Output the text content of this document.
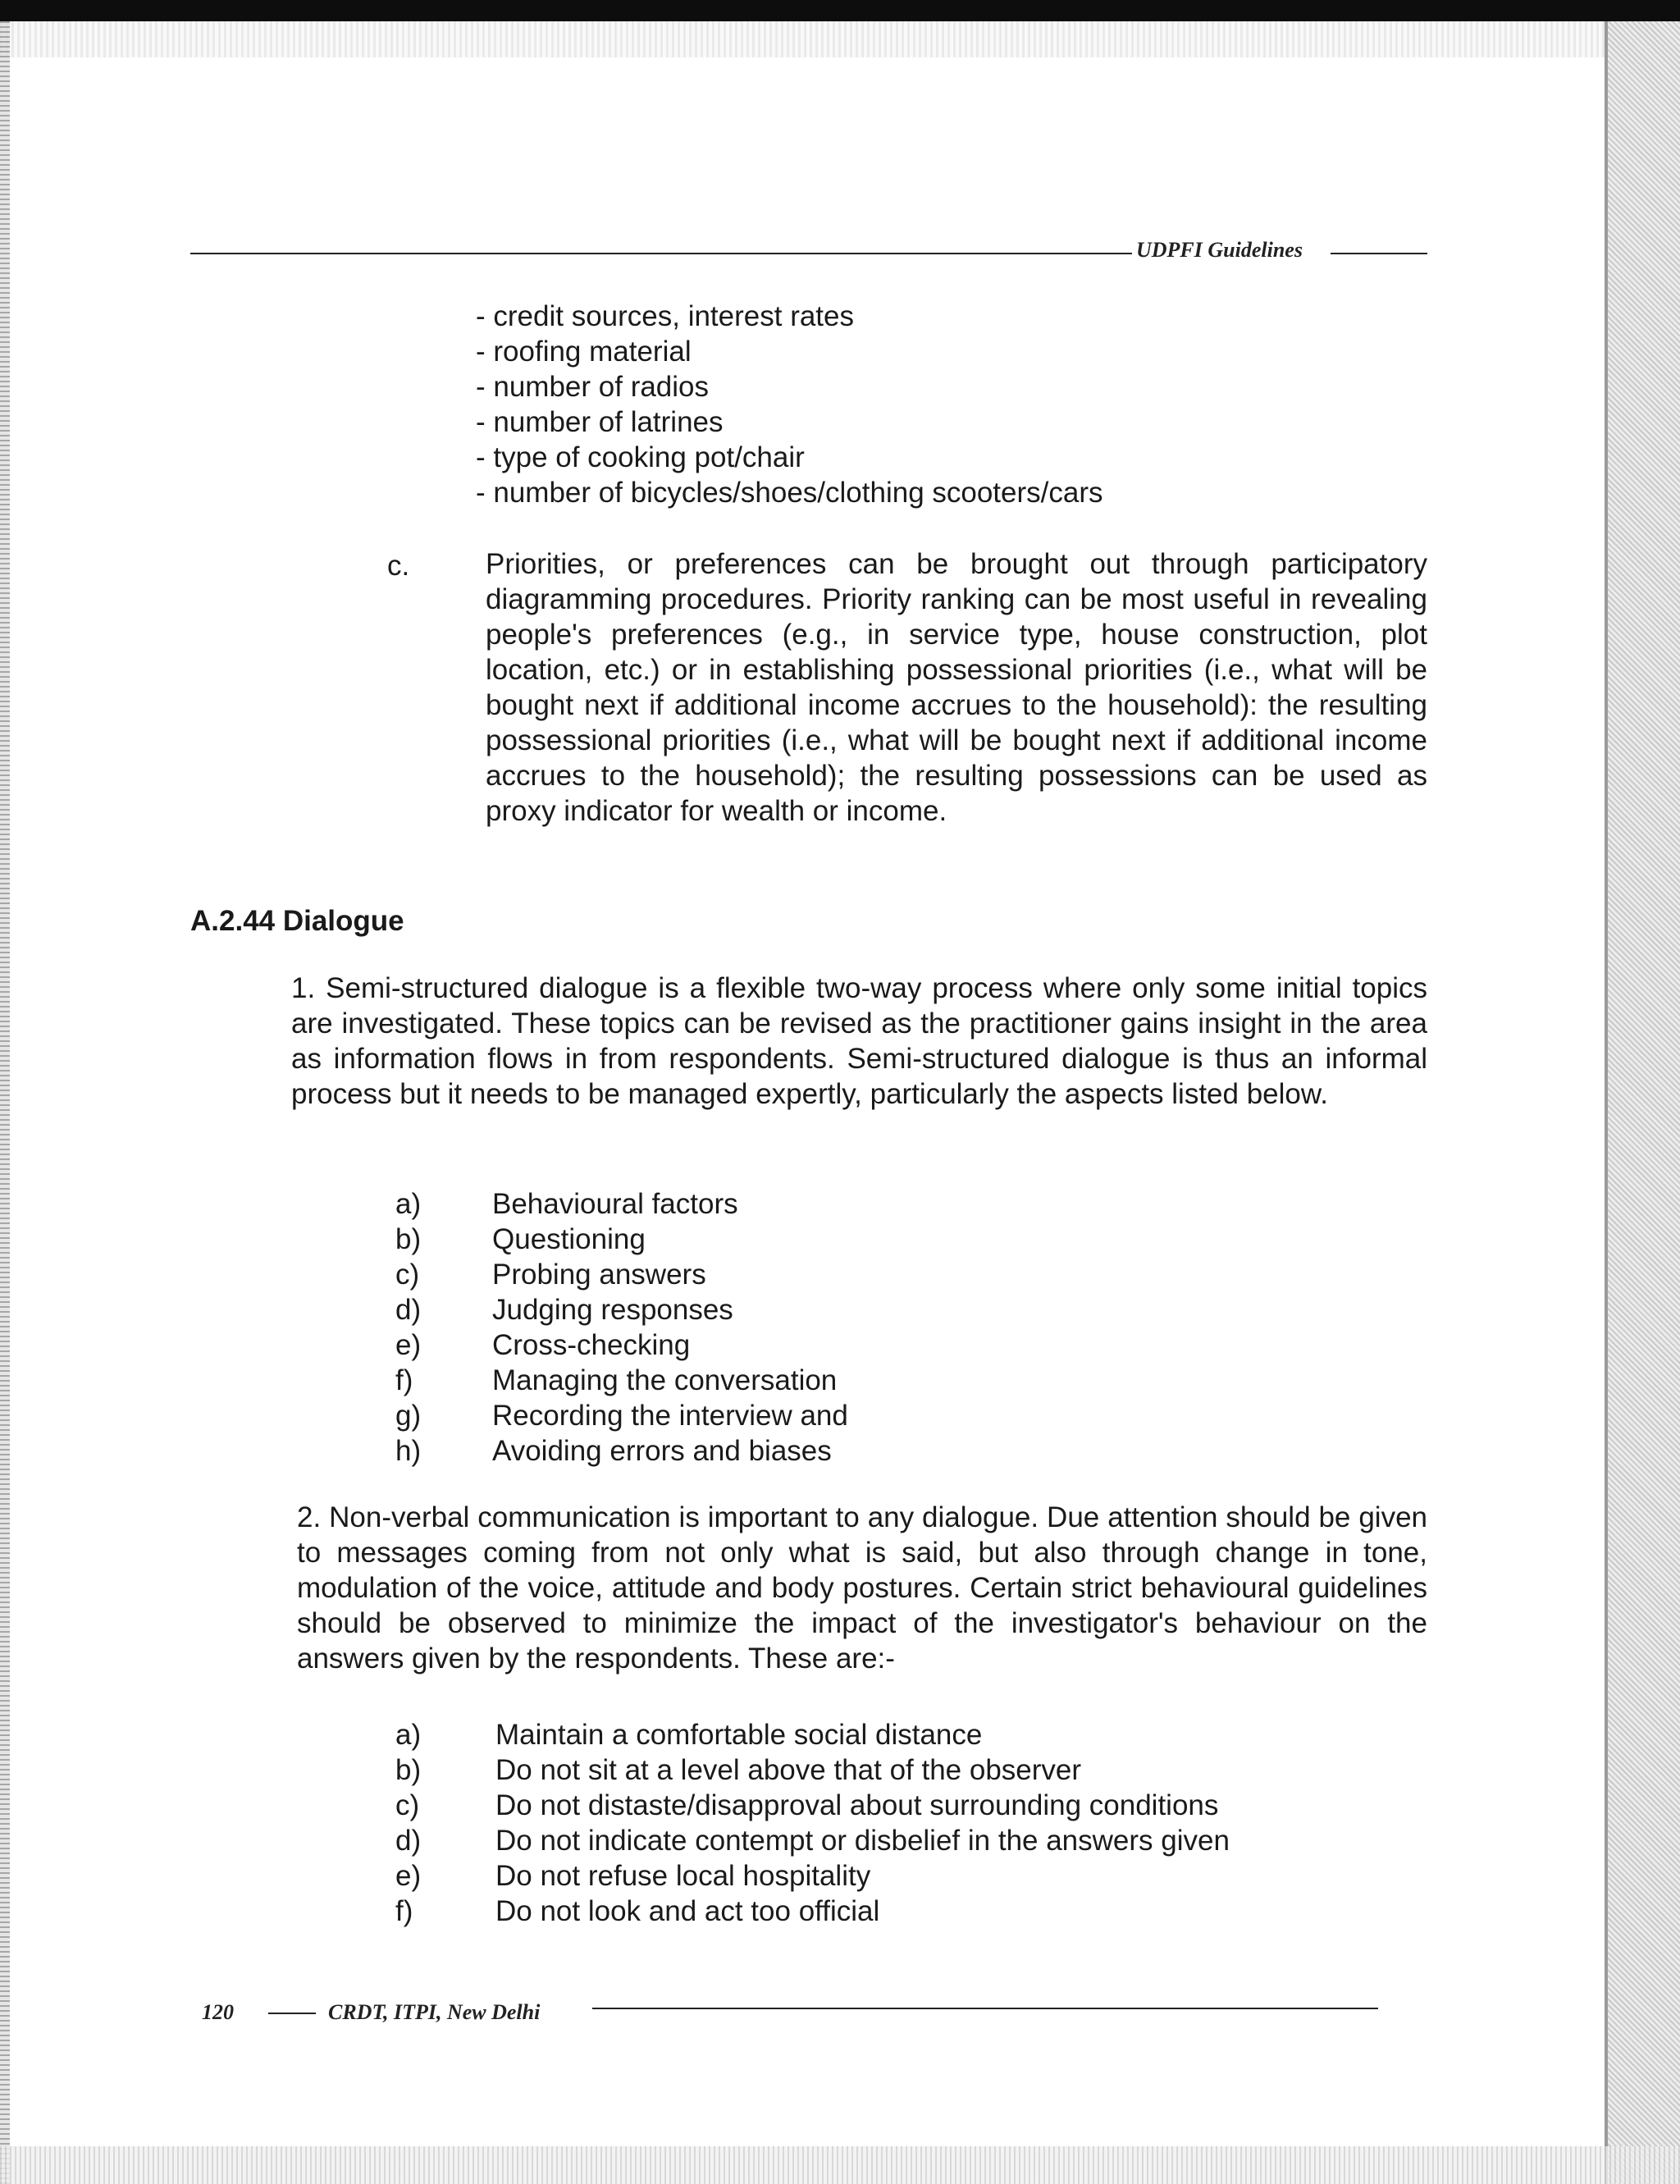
UDPFI Guidelines
- credit sources, interest rates
- roofing material
- number of radios
- number of latrines
- type of cooking pot/chair
- number of bicycles/shoes/clothing scooters/cars
c.	Priorities, or preferences can be brought out through participatory diagramming procedures. Priority ranking can be most useful in revealing people's preferences (e.g., in service type, house construction, plot location, etc.) or in establishing possessional priorities (i.e., what will be bought next if additional income accrues to the household): the resulting possessional priorities (i.e., what will be bought next if additional income accrues to the household); the resulting possessions can be used as proxy indicator for wealth or income.
A.2.44 Dialogue
1. Semi-structured dialogue is a flexible two-way process where only some initial topics are investigated. These topics can be revised as the practitioner gains insight in the area as information flows in from respondents. Semi-structured dialogue is thus an informal process but it needs to be managed expertly, particularly the aspects listed below.
a) Behavioural factors
b) Questioning
c)	Probing answers
d) Judging responses
e) Cross-checking
f)	Managing the conversation
g) Recording the interview and
h) Avoiding errors and biases
2. Non-verbal communication is important to any dialogue. Due attention should be given to messages coming from not only what is said, but also through change in tone, modulation of the voice, attitude and body postures. Certain strict behavioural guidelines should be observed to minimize the impact of the investigator's behaviour on the answers given by the respondents. These are:-
a)	Maintain a comfortable social distance
b)	Do not sit at a level above that of the observer
c)	Do not distaste/disapproval about surrounding conditions
d)	Do not indicate contempt or disbelief in the answers given
e)	Do not refuse local hospitality
f)	Do not look and act too official
120	CRDT, ITPI, New Delhi
